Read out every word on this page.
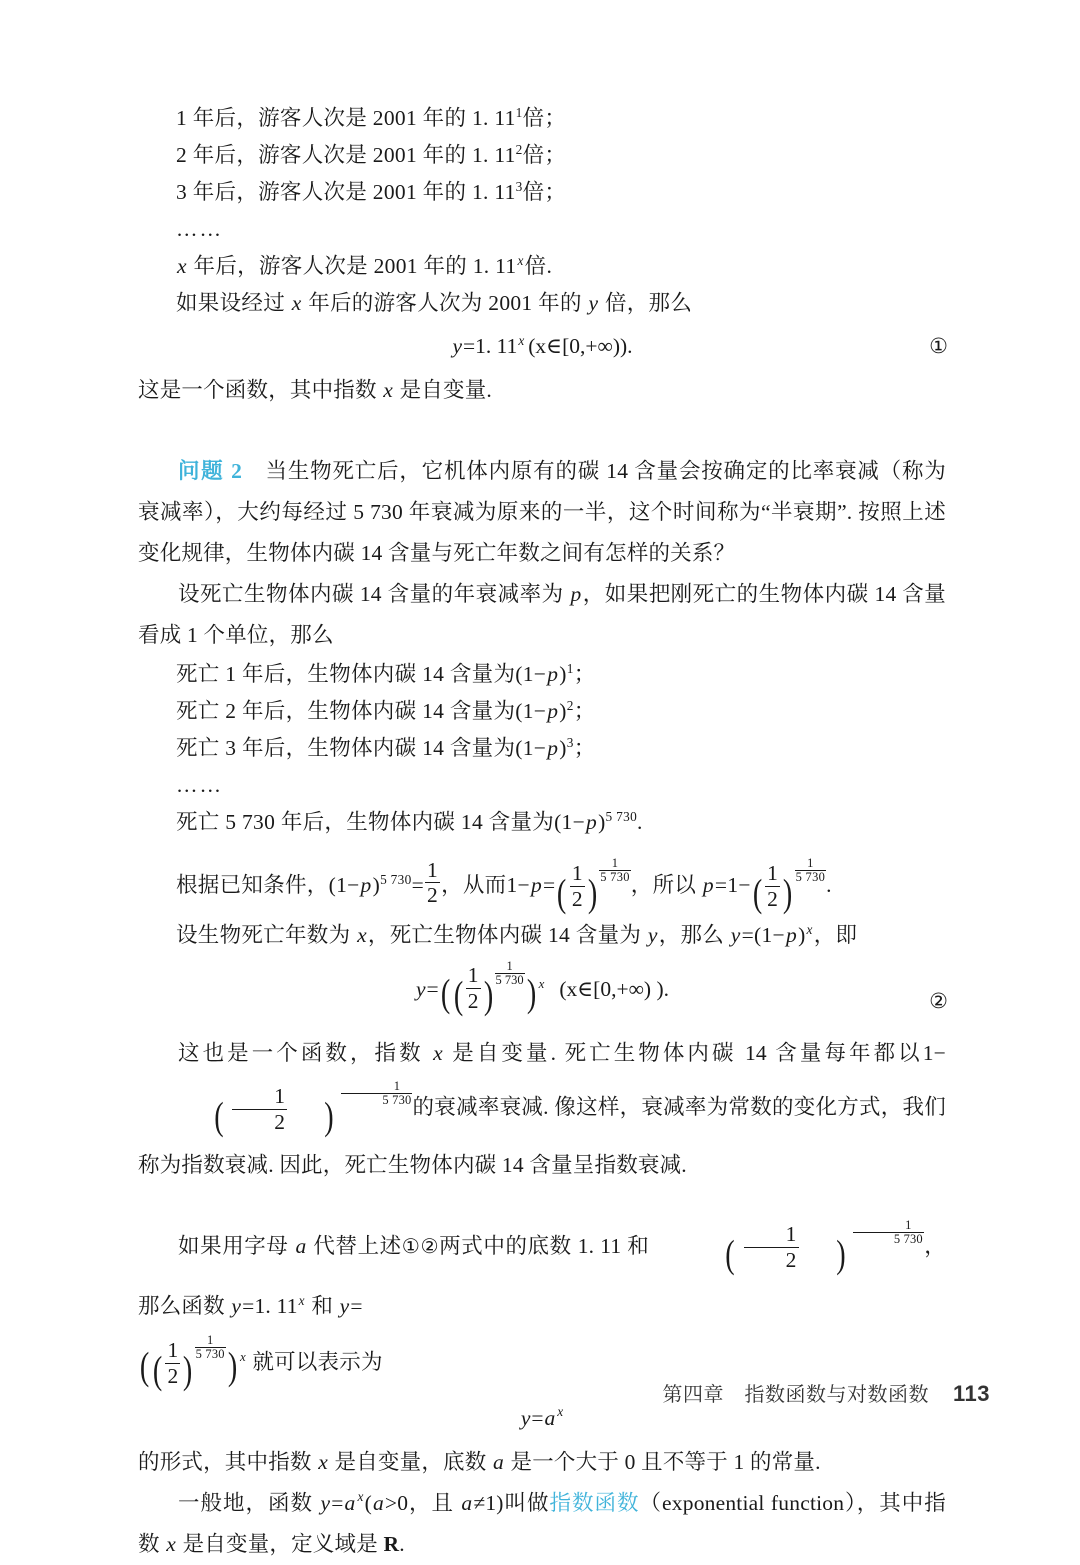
1 年后，游客人次是 2001 年的 1. $11^1$倍；
2 年后，游客人次是 2001 年的 1. $11^2$倍；
3 年后，游客人次是 2001 年的 1. $11^3$倍；
……
x 年后，游客人次是 2001 年的 1. 11$^x$倍.
如果设经过 x 年后的游客人次为 2001 年的 y 倍，那么
y=1. 11$^x$ (x∈[0,+∞)).	①
这是一个函数，其中指数 x 是自变量.
问题 2 当生物死亡后，它机体内原有的碳 14 含量会按确定的比率衰减（称为衰减率），大约每经过 5 730 年衰减为原来的一半，这个时间称为“半衰期”. 按照上述变化规律，生物体内碳 14 含量与死亡年数之间有怎样的关系？
设死亡生物体内碳 14 含量的年衰减率为 p，如果把刚死亡的生物体内碳 14 含量看成 1 个单位，那么
死亡 1 年后，生物体内碳 14 含量为$(1-p)^1$；
死亡 2 年后，生物体内碳 14 含量为$(1-p)^2$；
死亡 3 年后，生物体内碳 14 含量为$(1-p)^3$；
……
死亡 5 730 年后，生物体内碳 14 含量为$(1-p)^{5 730}$.
根据已知条件，$(1-p)^{5 730}= \frac{1}{2}$ ，从而$1-p=( \frac{1}{2}$ )
$\frac{1}{5 730}$
，所以 $p=1-( \frac{1}{2}$ )
$\frac{1}{5 730}$
.
设生物死亡年数为 x，死亡生物体内碳 14 含量为 y，那么 $y=(1-p)^x$，即
$y=(( \frac{1}{2}$ )
$\frac{1}{5 730}$ ) $^x$ (x∈[0,+∞) ).	②
这也是一个函数，指数 x 是自变量. 死亡生物体内碳 14 含量每年都以$1-( \frac{1}{2}$ )
$\frac{1}{5 730}$
的衰减率衰减. 像这样，衰减率为常数的变化方式，我们称为指数衰减. 因此，死亡生物体内碳 14 含量呈指数衰减.
如果用字母 a 代替上述①②两式中的底数 1. 11 和 ( $\frac{1}{2}$ )
$\frac{1}{5 730}$
，那么函数 y=1. 11$^x$ 和 y=
(( $\frac{1}{2}$ )
$\frac{1}{5 730}$ ) $^x$ 就可以表示为
y=a $^x$
的形式，其中指数 x 是自变量，底数 a 是一个大于 0 且不等于 1 的常量.
一般地，函数 y=a $^x$(a>0，且 a≠1)叫做指数函数（exponential function），其中指数 x 是自变量，定义域是 R.
第四章　指数函数与对数函数 113
